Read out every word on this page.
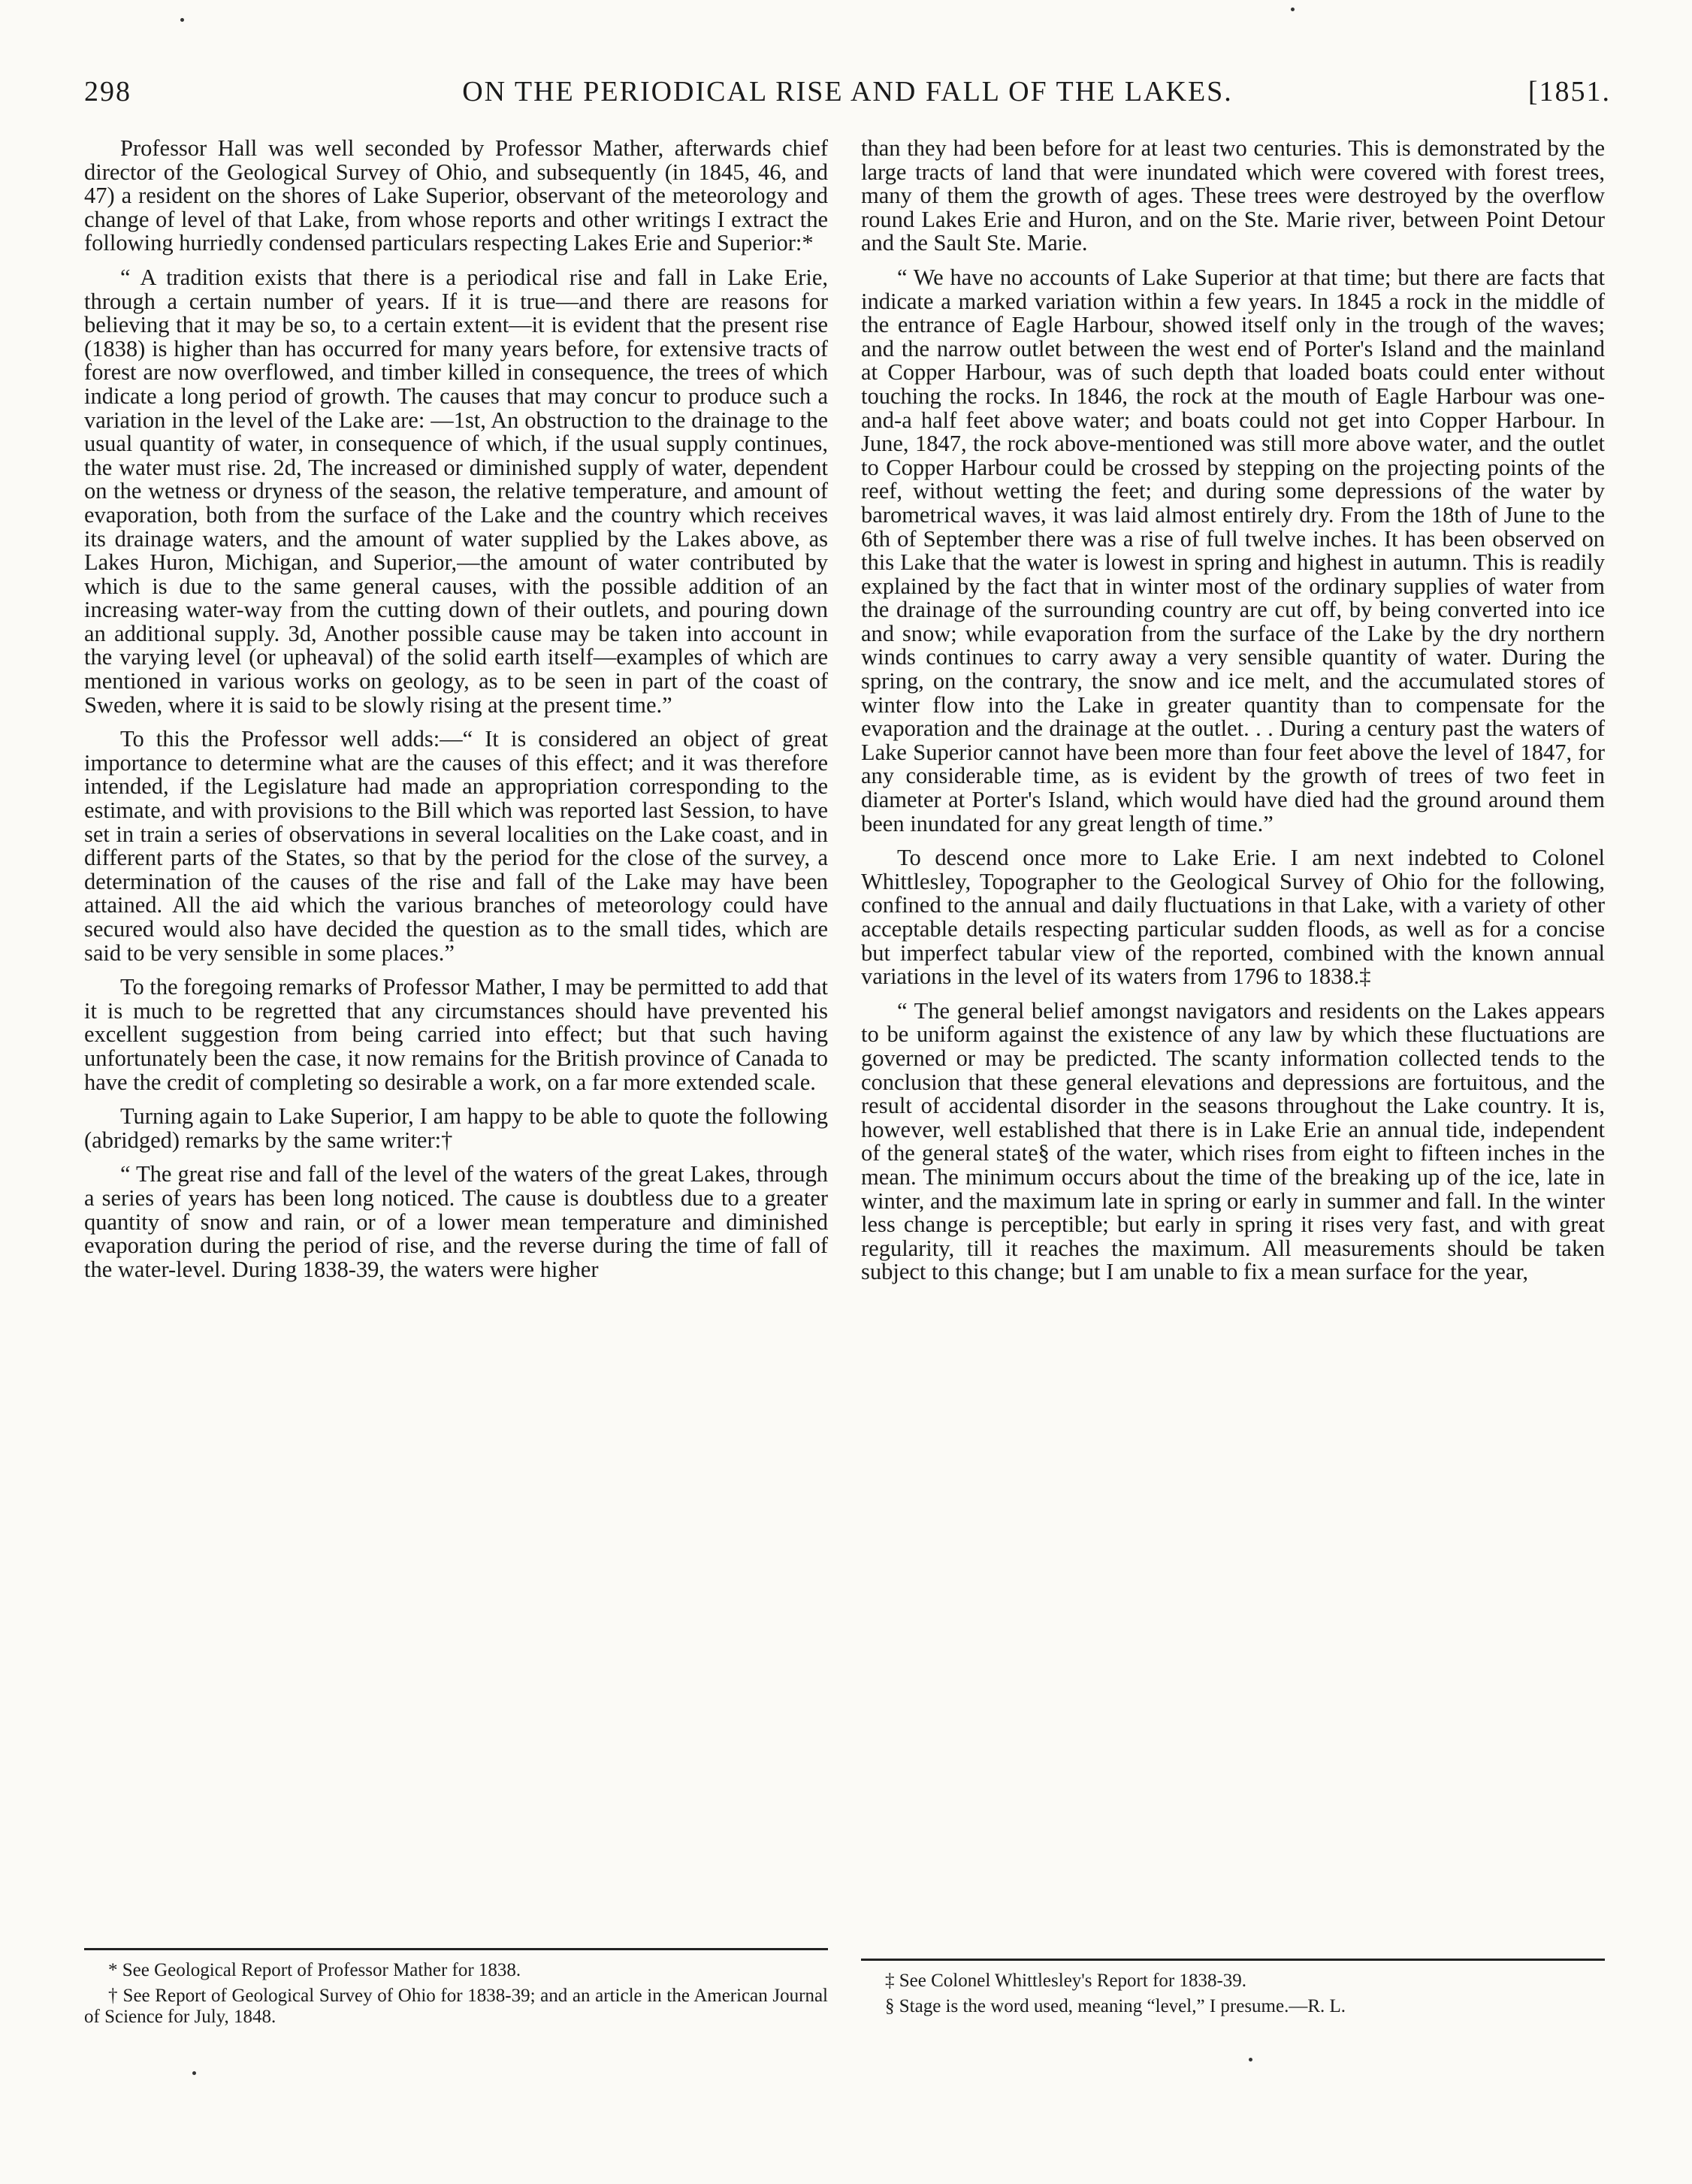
298	ON THE PERIODICAL RISE AND FALL OF THE LAKES.	[1851.

Professor Hall was well seconded by Professor Mather, afterwards chief director of the Geological Survey of Ohio, and subsequently (in 1845, 46, and 47) a resident on the shores of Lake Superior, observant of the meteorology and change of level of that Lake, from whose reports and other writings I extract the following hurriedly condensed particulars respecting Lakes Erie and Superior:*

“ A tradition exists that there is a periodical rise and fall in Lake Erie, through a certain number of years. If it is true—and there are reasons for believing that it may be so, to a certain extent—it is evident that the present rise (1838) is higher than has occurred for many years before, for extensive tracts of forest are now overflowed, and timber killed in consequence, the trees of which indicate a long period of growth. The causes that may concur to produce such a variation in the level of the Lake are: —1st, An obstruction to the drainage to the usual quantity of water, in consequence of which, if the usual supply continues, the water must rise. 2d, The increased or diminished supply of water, dependent on the wetness or dryness of the season, the relative temperature, and amount of evaporation, both from the surface of the Lake and the country which receives its drainage waters, and the amount of water supplied by the Lakes above, as Lakes Huron, Michigan, and Superior,—the amount of water contributed by which is due to the same general causes, with the possible addition of an increasing water-way from the cutting down of their outlets, and pouring down an additional supply. 3d, Another possible cause may be taken into account in the varying level (or upheaval) of the solid earth itself—examples of which are mentioned in various works on geology, as to be seen in part of the coast of Sweden, where it is said to be slowly rising at the present time.”

To this the Professor well adds:—“ It is considered an object of great importance to determine what are the causes of this effect; and it was therefore intended, if the Legislature had made an appropriation corresponding to the estimate, and with provisions to the Bill which was reported last Session, to have set in train a series of observations in several localities on the Lake coast, and in different parts of the States, so that by the period for the close of the survey, a determination of the causes of the rise and fall of the Lake may have been attained. All the aid which the various branches of meteorology could have secured would also have decided the question as to the small tides, which are said to be very sensible in some places.”

To the foregoing remarks of Professor Mather, I may be permitted to add that it is much to be regretted that any circumstances should have prevented his excellent suggestion from being carried into effect; but that such having unfortunately been the case, it now remains for the British province of Canada to have the credit of completing so desirable a work, on a far more extended scale.

Turning again to Lake Superior, I am happy to be able to quote the following (abridged) remarks by the same writer:†

“ The great rise and fall of the level of the waters of the great Lakes, through a series of years has been long noticed. The cause is doubtless due to a greater quantity of snow and rain, or of a lower mean temperature and diminished evaporation during the period of rise, and the reverse during the time of fall of the water-level. During 1838-39, the waters were higher

than they had been before for at least two centuries. This is demonstrated by the large tracts of land that were inundated which were covered with forest trees, many of them the growth of ages. These trees were destroyed by the overflow round Lakes Erie and Huron, and on the Ste. Marie river, between Point Detour and the Sault Ste. Marie.

“ We have no accounts of Lake Superior at that time; but there are facts that indicate a marked variation within a few years. In 1845 a rock in the middle of the entrance of Eagle Harbour, showed itself only in the trough of the waves; and the narrow outlet between the west end of Porter's Island and the mainland at Copper Harbour, was of such depth that loaded boats could enter without touching the rocks. In 1846, the rock at the mouth of Eagle Harbour was one-and-a half feet above water; and boats could not get into Copper Harbour. In June, 1847, the rock above-mentioned was still more above water, and the outlet to Copper Harbour could be crossed by stepping on the projecting points of the reef, without wetting the feet; and during some depressions of the water by barometrical waves, it was laid almost entirely dry. From the 18th of June to the 6th of September there was a rise of full twelve inches. It has been observed on this Lake that the water is lowest in spring and highest in autumn. This is readily explained by the fact that in winter most of the ordinary supplies of water from the drainage of the surrounding country are cut off, by being converted into ice and snow; while evaporation from the surface of the Lake by the dry northern winds continues to carry away a very sensible quantity of water. During the spring, on the contrary, the snow and ice melt, and the accumulated stores of winter flow into the Lake in greater quantity than to compensate for the evaporation and the drainage at the outlet. . . During a century past the waters of Lake Superior cannot have been more than four feet above the level of 1847, for any considerable time, as is evident by the growth of trees of two feet in diameter at Porter's Island, which would have died had the ground around them been inundated for any great length of time.”

To descend once more to Lake Erie. I am next indebted to Colonel Whittlesley, Topographer to the Geological Survey of Ohio for the following, confined to the annual and daily fluctuations in that Lake, with a variety of other acceptable details respecting particular sudden floods, as well as for a concise but imperfect tabular view of the reported, combined with the known annual variations in the level of its waters from 1796 to 1838.‡

“ The general belief amongst navigators and residents on the Lakes appears to be uniform against the existence of any law by which these fluctuations are governed or may be predicted. The scanty information collected tends to the conclusion that these general elevations and depressions are fortuitous, and the result of accidental disorder in the seasons throughout the Lake country. It is, however, well established that there is in Lake Erie an annual tide, independent of the general state§ of the water, which rises from eight to fifteen inches in the mean. The minimum occurs about the time of the breaking up of the ice, late in winter, and the maximum late in spring or early in summer and fall. In the winter less change is perceptible; but early in spring it rises very fast, and with great regularity, till it reaches the maximum. All measurements should be taken subject to this change; but I am unable to fix a mean surface for the year,

* See Geological Report of Professor Mather for 1838.

† See Report of Geological Survey of Ohio for 1838-39; and an article in the American Journal of Science for July, 1848.

‡ See Colonel Whittlesley's Report for 1838-39.

§ Stage is the word used, meaning “level,” I presume.—R. L.
